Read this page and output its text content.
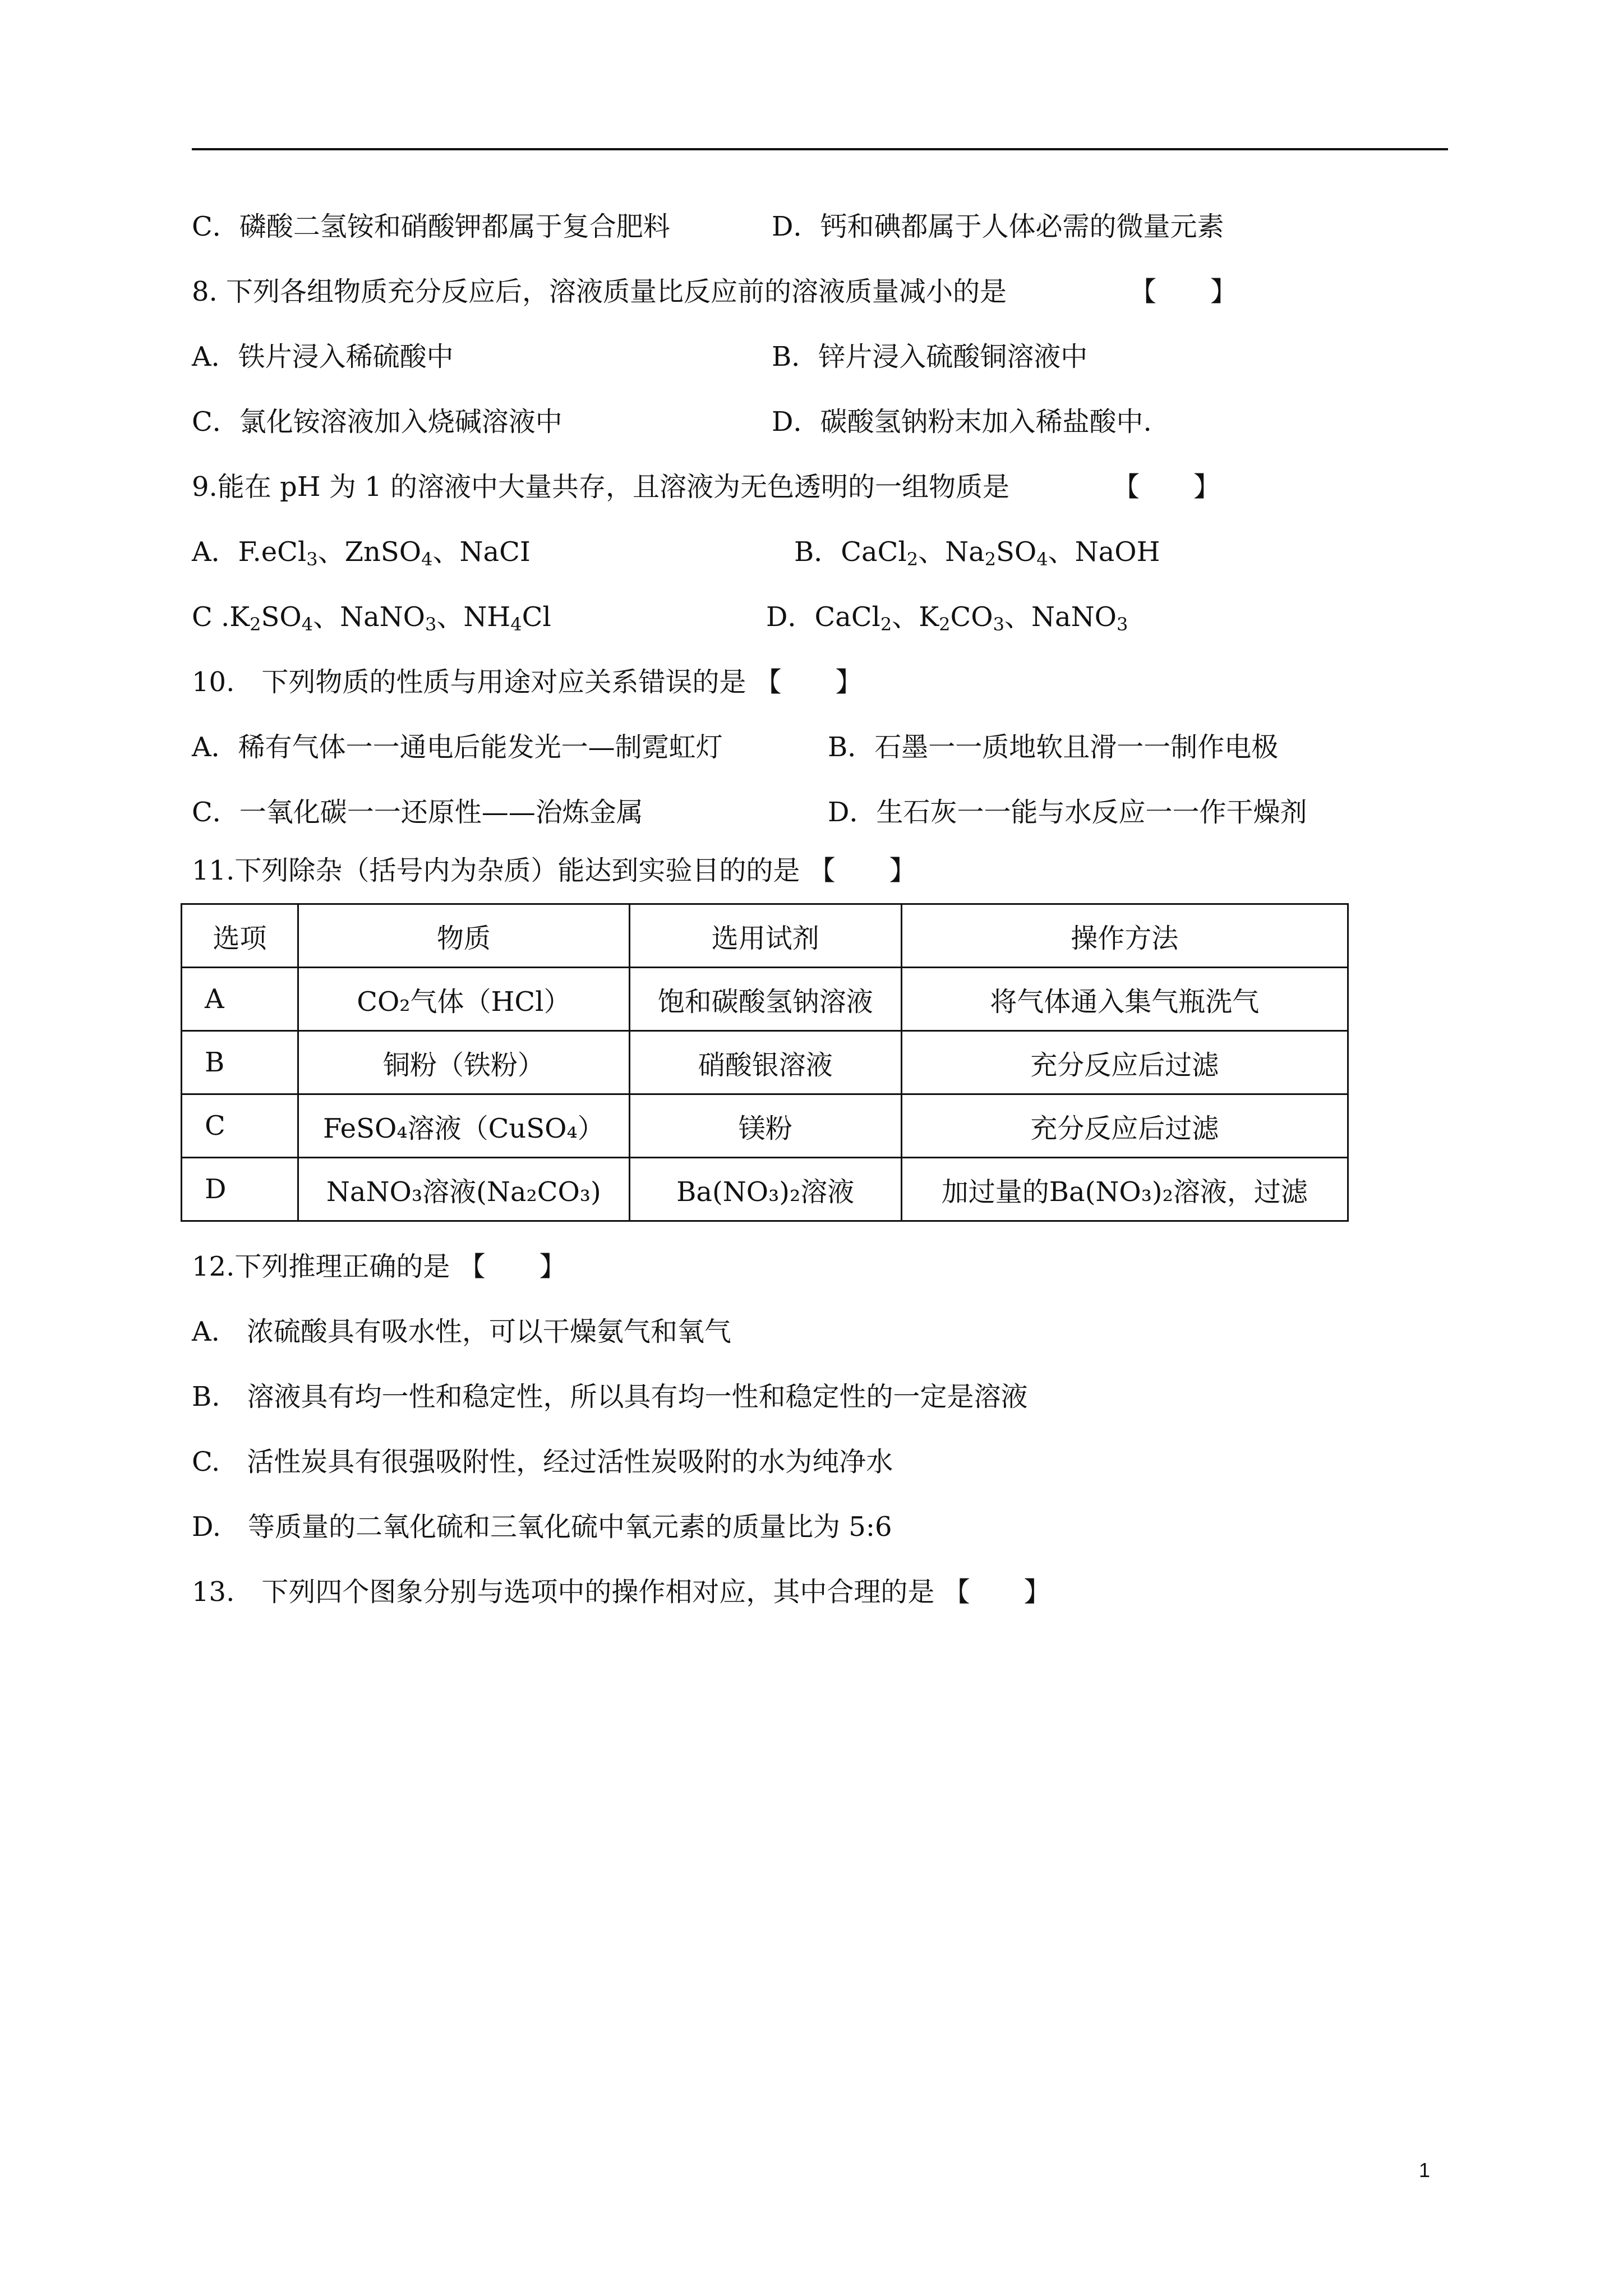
C．磷酸二氢铵和硝酸钾都属于复合肥料	D．钙和碘都属于人体必需的微量元素
8. 下列各组物质充分反应后，溶液质量比反应前的溶液质量减小的是	【　　】
A．铁片浸入稀硫酸中	B．锌片浸入硫酸铜溶液中
C．氯化铵溶液加入烧碱溶液中	D．碳酸氢钠粉末加入稀盐酸中.
9.能在 pH 为 1 的溶液中大量共存，且溶液为无色透明的一组物质是	【　　】
A．F.eCl$_3$、ZnSO$_4$、NaCI	B．CaCl$_2$、$Na_2SO_4$、NaOH
C $.K_2SO_4$、NaNO$_3$、$NH_4Cl$	D．CaCl$_2$、$K_2CO_3$、NaNO$_3$
10.　下列物质的性质与用途对应关系错误的是 【　　】
A．稀有气体一一通电后能发光一—制霓虹灯	B．石墨一一质地软且滑一一制作电极
C．一氧化碳一一还原性——治炼金属	D．生石灰一一能与水反应一一作干燥剂
11.下列除杂（括号内为杂质）能达到实验目的的是 【　　】
选项	物质	选用试剂	操作方法
A	CO₂气体（HCl）	饱和碳酸氢钠溶液	将气体通入集气瓶洗气
B	铜粉（铁粉）	硝酸银溶液	充分反应后过滤
C	FeSO₄溶液（CuSO₄）	镁粉	充分反应后过滤
D	NaNO₃溶液(Na₂CO₃)	Ba(NO₃)₂溶液	加过量的Ba(NO₃)₂溶液，过滤
12.下列推理正确的是 【　　】
A.　浓硫酸具有吸水性，可以干燥氨气和氧气
B.　溶液具有均一性和稳定性，所以具有均一性和稳定性的一定是溶液
C.　活性炭具有很强吸附性，经过活性炭吸附的水为纯净水
D.　等质量的二氧化硫和三氧化硫中氧元素的质量比为 5:6
13.　下列四个图象分别与选项中的操作相对应，其中合理的是 【　　】
1
